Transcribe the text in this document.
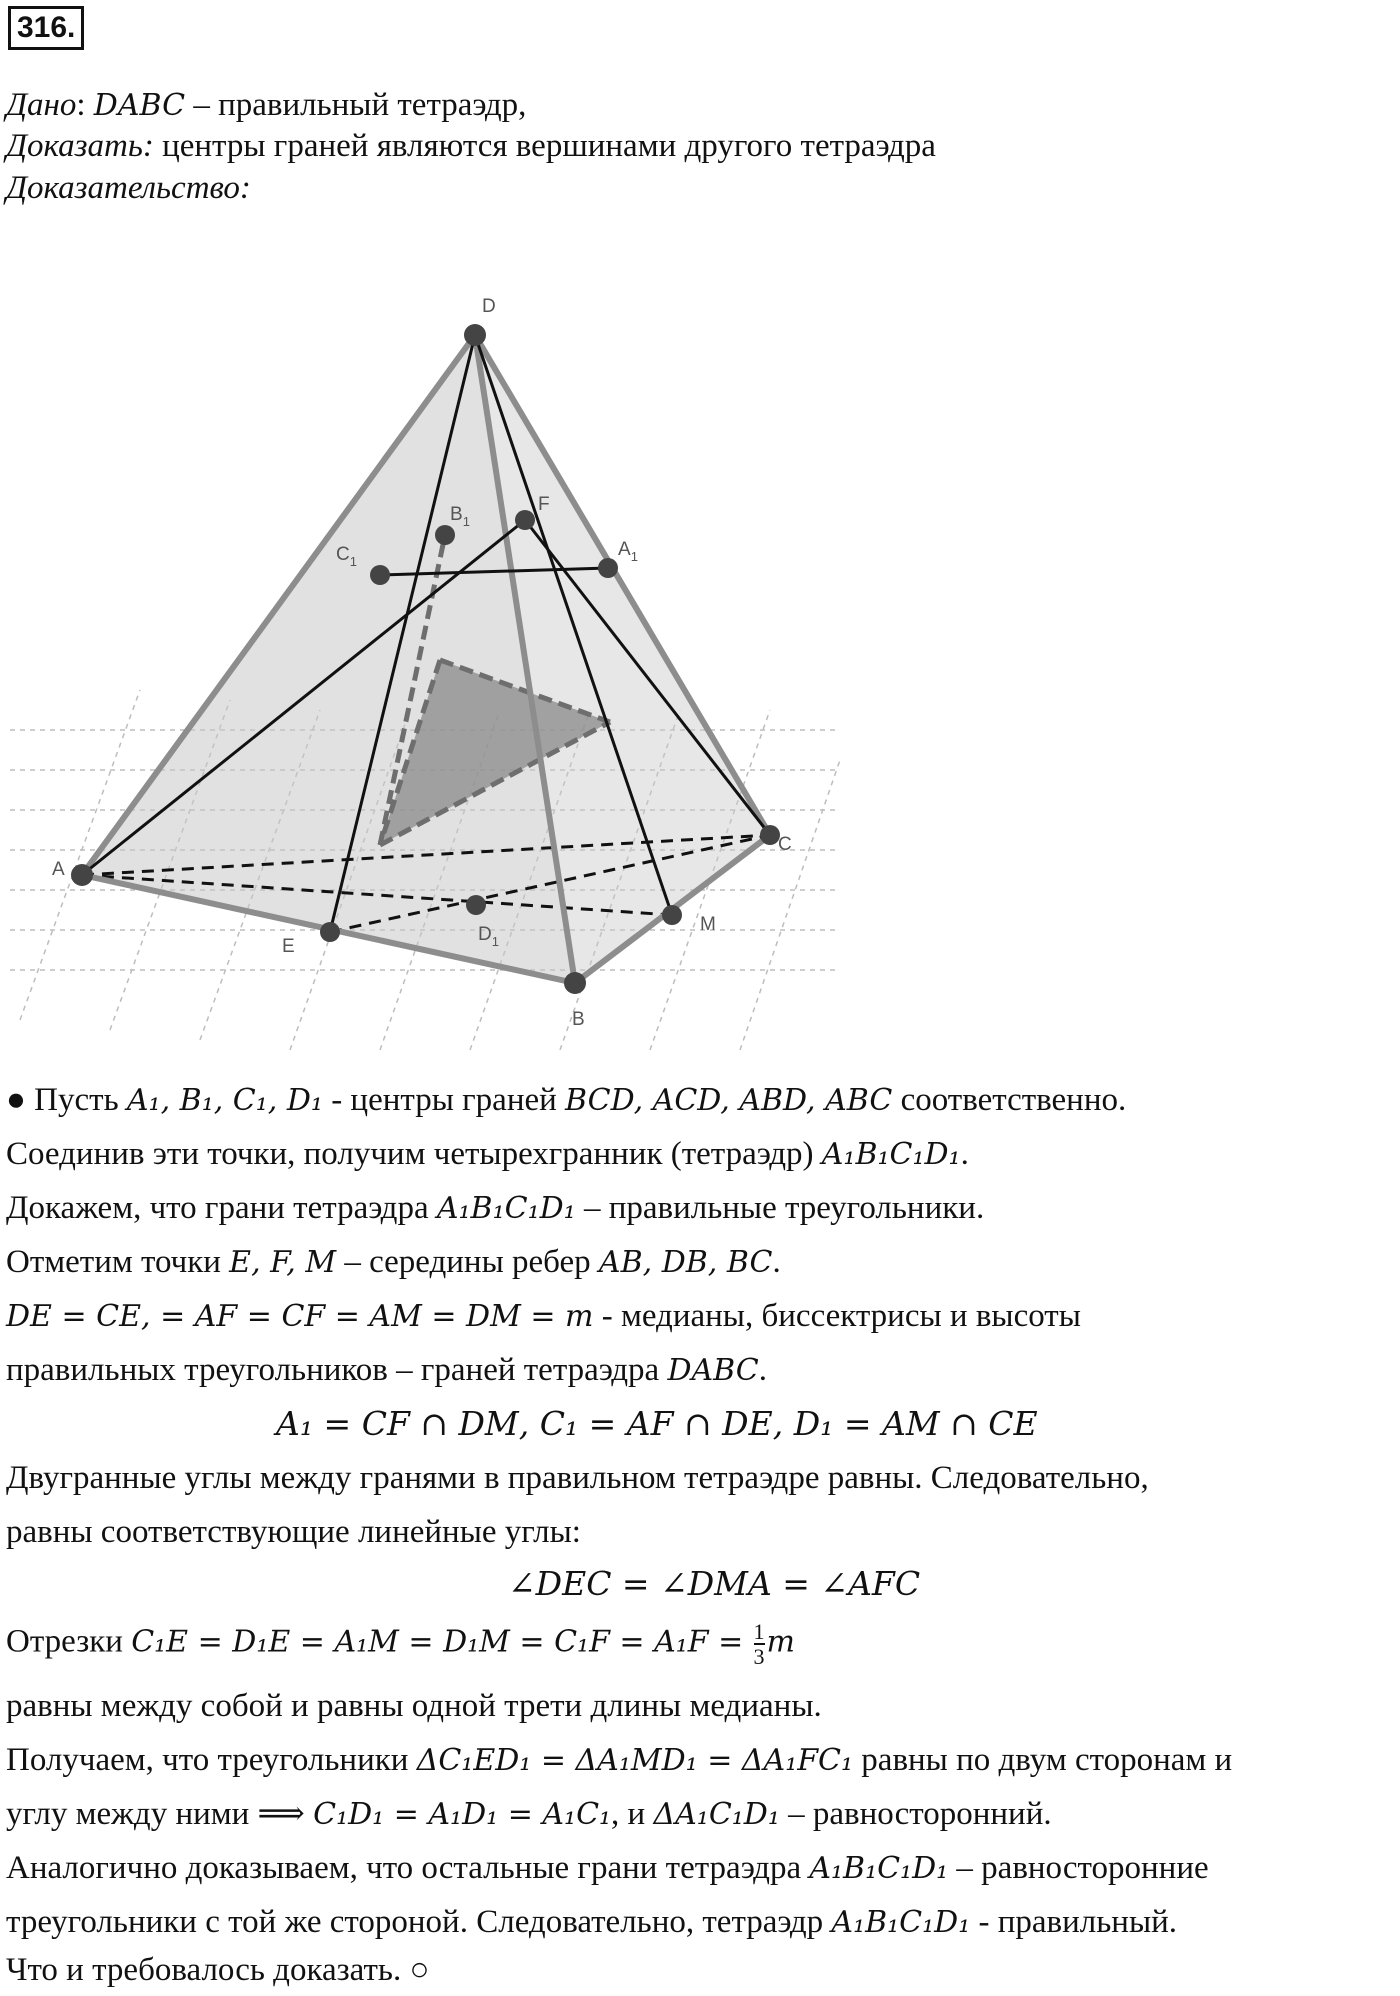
316.
Дано: DABC – правильный тетраэдр,
Доказать: центры граней являются вершинами другого тетраэдра
Доказательство:
D
A
B
C
E
F
M
$C_1$
$B_1$
$A_1$
$D_1$
● Пусть A₁, B₁, C₁, D₁ - центры граней BCD, ACD, ABD, ABC соответственно.
Соединив эти точки, получим четырехгранник (тетраэдр) A₁B₁C₁D₁.
Докажем, что грани тетраэдра A₁B₁C₁D₁ – правильные треугольники.
Отметим точки E, F, M – середины ребер AB, DB, BC.
DE = CE, = AF = CF = AM = DM = m - медианы, биссектрисы и высоты
правильных треугольников – граней тетраэдра DABC.
A₁ = CF ∩ DM, C₁ = AF ∩ DE, D₁ = AM ∩ CE
Двугранные углы между гранями в правильном тетраэдре равны. Следовательно,
равны соответствующие линейные углы:
∠DEC = ∠DMA = ∠AFC
Отрезки $C_1E = D_1E = A_1M = D_1M = C_1F = A_1F = \frac{1}{3}$ m
равны между собой и равны одной трети длины медианы.
Получаем, что треугольники ΔC₁ED₁ = ΔA₁MD₁ = ΔA₁FC₁ равны по двум сторонам и
углу между ними ⟹ C₁D₁ = A₁D₁ = A₁C₁, и ΔA₁C₁D₁ – равносторонний.
Аналогично доказываем, что остальные грани тетраэдра A₁B₁C₁D₁ – равносторонние
треугольники с той же стороной. Следовательно, тетраэдр A₁B₁C₁D₁ - правильный.
Что и требовалось доказать. ○
